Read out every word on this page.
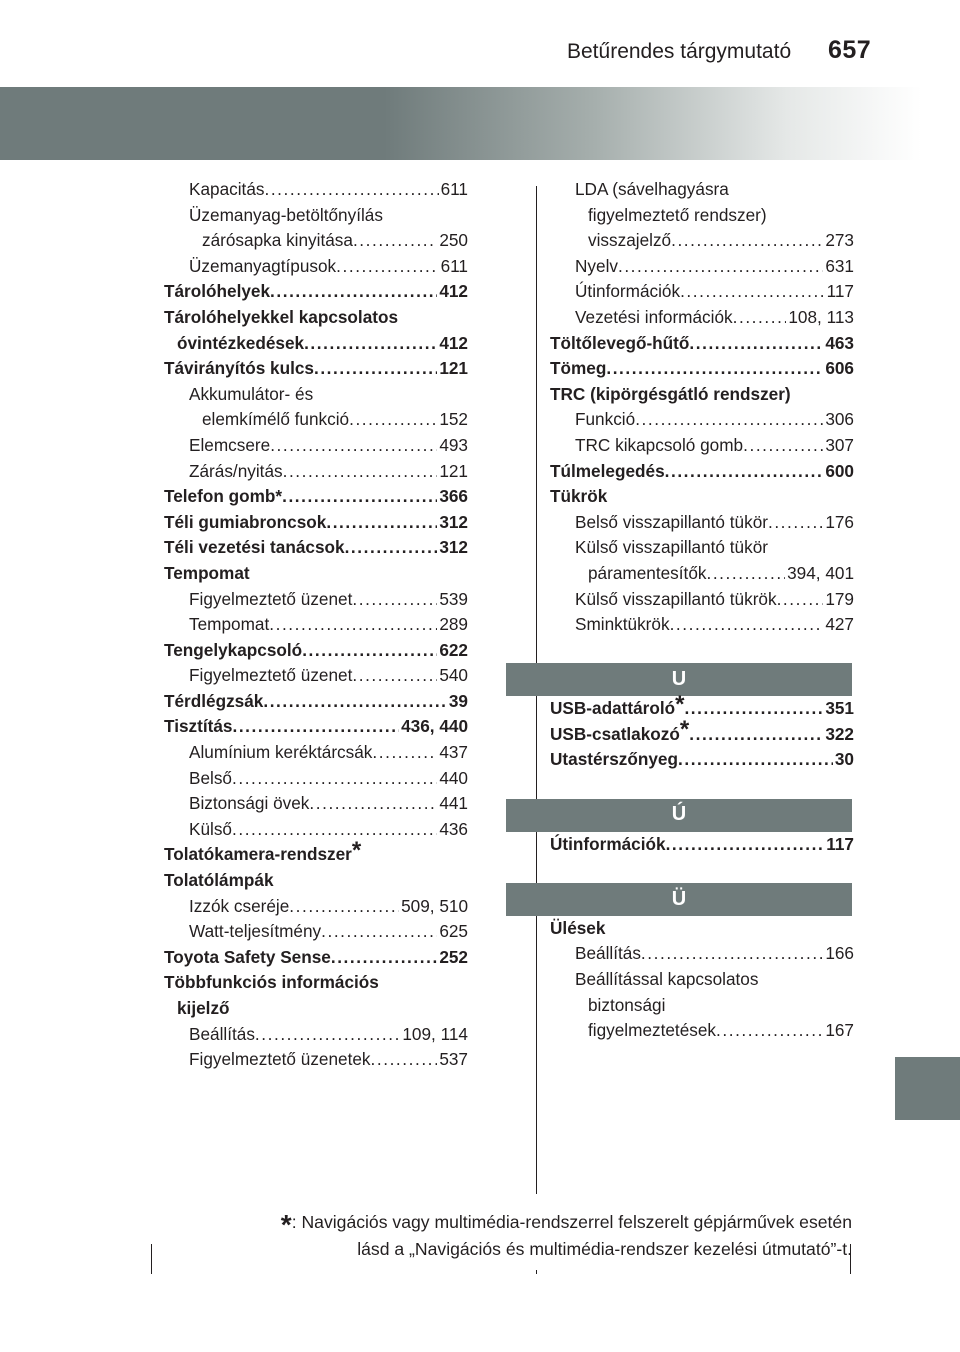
Betűrendes tárgymutató 657
Kapacitás . . .	611
Üzemanyag-betöltőnyílás
zárósapka kinyitása . . .	250
Üzemanyagtípusok . . .	611
Tárolóhelyek . . .	412
Tárolóhelyekkel kapcsolatos
óvintézkedések . . .	412
Távirányítós kulcs . . .	121
Akkumulátor- és
elemkímélő funkció . . .	152
Elemcsere . . .	493
Zárás/nyitás . . .	121
Telefon gomb* . . .	366
Téli gumiabroncsok . . .	312
Téli vezetési tanácsok . . .	312
Tempomat
Figyelmeztető üzenet . . .	539
Tempomat . . .	289
Tengelykapcsoló . . .	622
Figyelmeztető üzenet . . .	540
Térdlégzsák . . .	39
Tisztítás . . .	436, 440
Alumínium keréktárcsák . . .	437
Belső . . .	440
Biztonsági övek . . .	441
Külső . . .	436
Tolatókamera-rendszer*
Tolatólámpák
Izzók cseréje . . .	509, 510
Watt-teljesítmény . . .	625
Toyota Safety Sense . . .	252
Többfunkciós információs
kijelző
Beállítás . . .	109, 114
Figyelmeztető üzenetek . . .	537
LDA (sávelhagyásra
figyelmeztető rendszer)
visszajelző . . .	273
Nyelv . . .	631
Útinformációk . . .	117
Vezetési információk . . .	108, 113
Töltőlevegő-hűtő . . .	463
Tömeg . . .	606
TRC (kipörgésgátló rendszer)
Funkció . . .	306
TRC kikapcsoló gomb . . .	307
Túlmelegedés . . .	600
Tükrök
Belső visszapillantó tükör . . .	176
Külső visszapillantó tükör
páramentesítők . . .	394, 401
Külső visszapillantó tükrök . . .	179
Sminktükrök . . .	427
U
USB-adattároló* . . .	351
USB-csatlakozó* . . .	322
Utastérszőnyeg . . .	30
Ú
Útinformációk . . .	117
Ü
Ülések
Beállítás . . .	166
Beállítással kapcsolatos
biztonsági
figyelmeztetések . . .	167
*: Navigációs vagy multimédia-rendszerrel felszerelt gépjárművek esetén
lásd a „Navigációs és multimédia-rendszer kezelési útmutató”-t.
